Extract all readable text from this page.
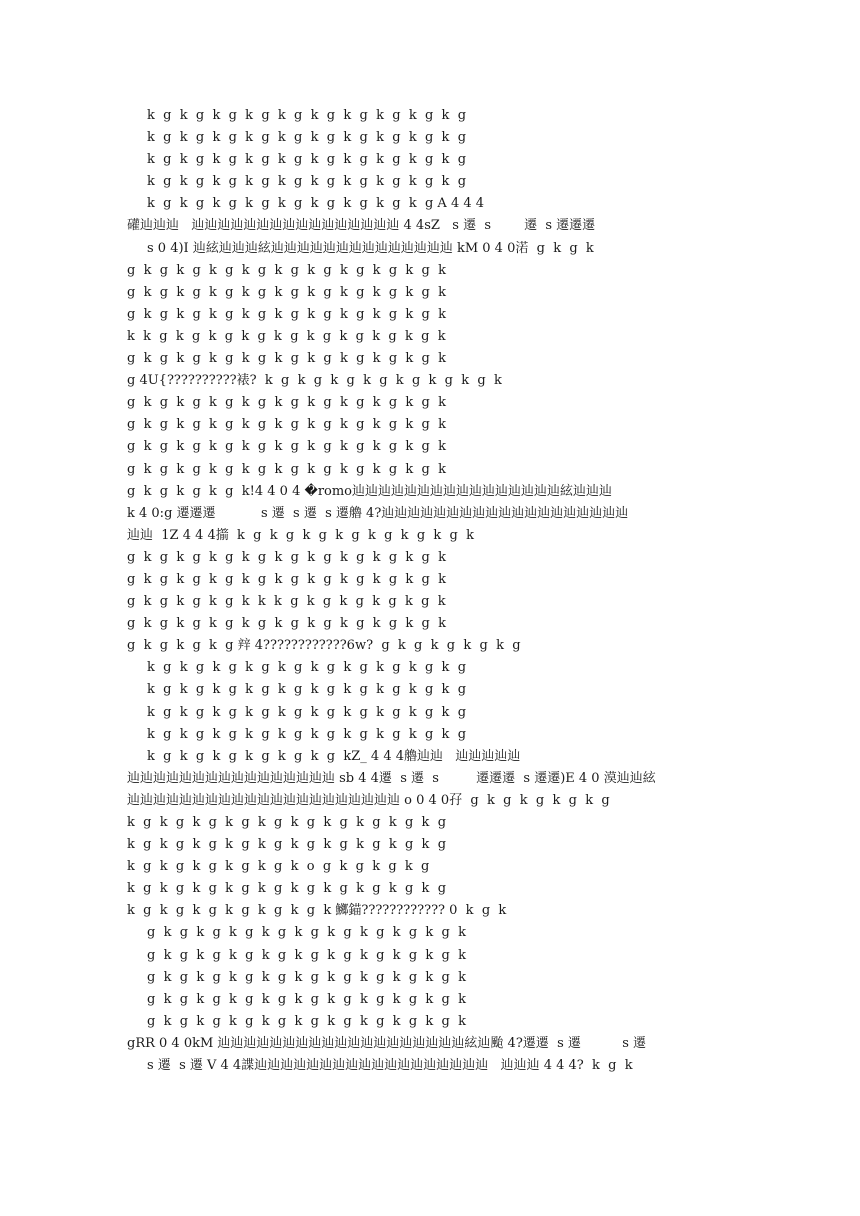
k  g  k  g  k  g  k  g  k  g  k  g  k  g  k  g  k  g  k  g
k  g  k  g  k  g  k  g  k  g  k  g  k  g  k  g  k  g  k  g
k  g  k  g  k  g  k  g  k  g  k  g  k  g  k  g  k  g  k  g
k  g  k  g  k  g  k  g  k  g  k  g  k  g  k  g  k  g  k  g
k  g  k  g  k  g  k  g  k  g  k  g  k  g  k  g  k  g A 4 4 4
礶辿辿辿   辿辿辿辿辿辿辿辿辿辿辿辿辿辿辿辿 4 4sZ   s 遷  s        遷  s 遷遷遷
s 0 4)I 辿絃辿辿辿絃辿辿辿辿辿辿辿辿辿辿辿辿辿辿 kM 0 4 0渃  g  k  g  k
g  k  g  k  g  k  g  k  g  k  g  k  g  k  g  k  g  k  g  k
g  k  g  k  g  k  g  k  g  k  g  k  g  k  g  k  g  k  g  k
g  k  g  k  g  k  g  k  g  k  g  k  g  k  g  k  g  k  g  k
k  k  g  k  g  k  g  k  g  k  g  k  g  k  g  k  g  k  g  k
g  k  g  k  g  k  g  k  g  k  g  k  g  k  g  k  g  k  g  k
g 4U{??????????裱?  k  g  k  g  k  g  k  g  k  g  k  g  k  g  k
g  k  g  k  g  k  g  k  g  k  g  k  g  k  g  k  g  k  g  k
g  k  g  k  g  k  g  k  g  k  g  k  g  k  g  k  g  k  g  k
g  k  g  k  g  k  g  k  g  k  g  k  g  k  g  k  g  k  g  k
g  k  g  k  g  k  g  k  g  k  g  k  g  k  g  k  g  k  g  k
g  k  g  k  g  k  g  k!4 4 0 4 �romo辿辿辿辿辿辿辿辿辿辿辿辿辿辿辿辿絃辿辿辿
k 4 0:g 遷遷遷           s 遷  s 遷  s 遷艪 4?辿辿辿辿辿辿辿辿辿辿辿辿辿辿辿辿辿辿辿
辿辿  1Z 4 4 4擶  k  g  k  g  k  g  k  g  k  g  k  g  k  g  k
g  k  g  k  g  k  g  k  g  k  g  k  g  k  g  k  g  k  g  k
g  k  g  k  g  k  g  k  g  k  g  k  g  k  g  k  g  k  g  k
g  k  g  k  g  k  g  k  k  k  g  k  g  k  g  k  g  k  g  k
g  k  g  k  g  k  g  k  g  k  g  k  g  k  g  k  g  k  g  k
g  k  g  k  g  k  g 辡 4????????????6w?  g  k  g  k  g  k  g  k  g
k  g  k  g  k  g  k  g  k  g  k  g  k  g  k  g  k  g  k  g
k  g  k  g  k  g  k  g  k  g  k  g  k  g  k  g  k  g  k  g
k  g  k  g  k  g  k  g  k  g  k  g  k  g  k  g  k  g  k  g
k  g  k  g  k  g  k  g  k  g  k  g  k  g  k  g  k  g  k  g
k  g  k  g  k  g  k  g  k  g  k  g  kZ_ 4 4 4艪辿辿   辿辿辿辿辿
辿辿辿辿辿辿辿辿辿辿辿辿辿辿辿辿 sb 4 4遷  s 遷  s         遷遷遷  s 遷遷)E 4 0 漠辿辿絃
辿辿辿辿辿辿辿辿辿辿辿辿辿辿辿辿辿辿辿辿辿 o 0 4 0孖  g  k  g  k  g  k  g  k  g
k  g  k  g  k  g  k  g  k  g  k  g  k  g  k  g  k  g  k  g
k  g  k  g  k  g  k  g  k  g  k  g  k  g  k  g  k  g  k  g
k  g  k  g  k  g  k  g  k  g  k  o  g  k  g  k  g  k  g
k  g  k  g  k  g  k  g  k  g  k  g  k  g  k  g  k  g  k  g
k  g  k  g  k  g  k  g  k  g  k  g  k 鱜錨???????????? 0  k  g  k
g  k  g  k  g  k  g  k  g  k  g  k  g  k  g  k  g  k  g  k
g  k  g  k  g  k  g  k  g  k  g  k  g  k  g  k  g  k  g  k
g  k  g  k  g  k  g  k  g  k  g  k  g  k  g  k  g  k  g  k
g  k  g  k  g  k  g  k  g  k  g  k  g  k  g  k  g  k  g  k
g  k  g  k  g  k  g  k  g  k  g  k  g  k  g  k  g  k  g  k
gRR 0 4 0kM 辿辿辿辿辿辿辿辿辿辿辿辿辿辿辿辿辿辿辿絃辿颱 4?遷遷  s 遷          s 遷
s 遷  s 遷 V 4 4諜辿辿辿辿辿辿辿辿辿辿辿辿辿辿辿辿辿辿   辿辿辿 4 4 4?  k  g  k
